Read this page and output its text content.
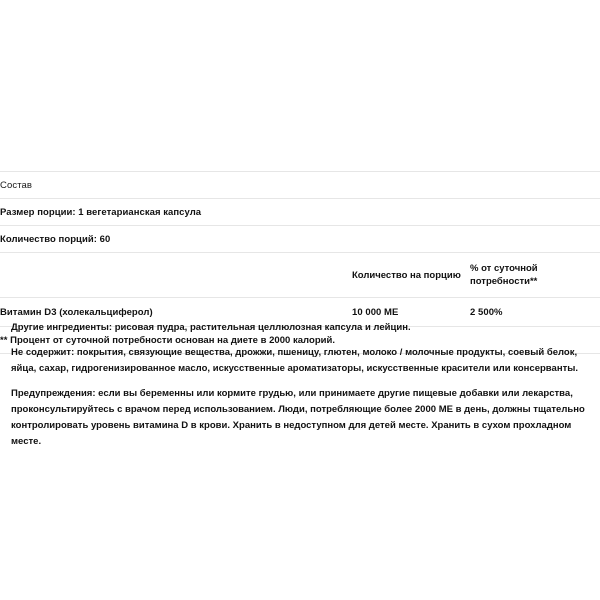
Состав		
Размер порции: 1 вегетарианская капсула		
Количество порций: 60		

	Количество на порцию	% от суточной
потребности**

Витамин D3 (холекальциферол)	10 000 МЕ	2 500%
** Процент от суточной потребности основан на диете в 2000 калорий.		

Другие ингредиенты: рисовая пудра, растительная целлюлозная капсула и лейцин.

Не содержит: покрытия, связующие вещества, дрожжи, пшеницу, глютен, молоко / молочные продукты, соевый белок, яйца, сахар, гидрогенизированное масло, искусственные ароматизаторы, искусственные красители или консерванты.

Предупреждения: если вы беременны или кормите грудью, или принимаете другие пищевые добавки или лекарства, проконсультируйтесь с врачом перед использованием. Люди, потребляющие более 2000 МЕ в день, должны тщательно контролировать уровень витамина D в крови. Хранить в недоступном для детей месте. Хранить в сухом прохладном месте.
